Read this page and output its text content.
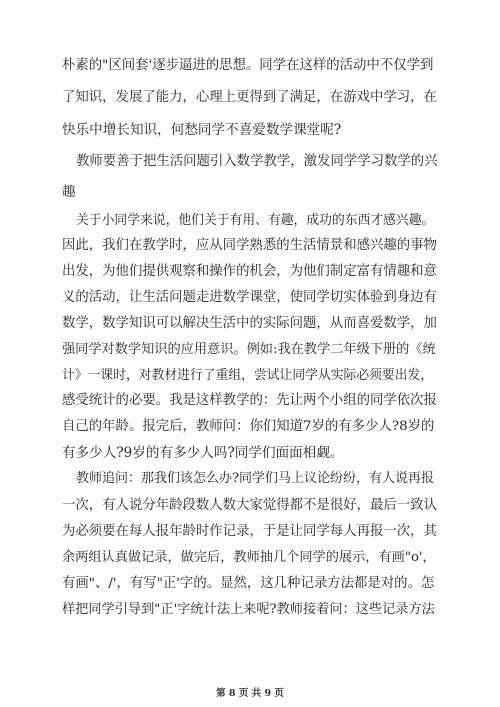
朴素的"区间套'逐步逼进的思想。同学在这样的活动中不仅学到
了知识，发展了能力，心理上更得到了满足，在游戏中学习，在
快乐中增长知识，何愁同学不喜爱数学课堂呢?
教师要善于把生活问题引入数学教学，激发同学学习数学的兴
趣
关于小同学来说，他们关于有用、有趣，成功的东西才感兴趣。
因此，我们在教学时，应从同学熟悉的生活情景和感兴趣的事物
出发，为他们提供观察和操作的机会，为他们制定富有情趣和意
义的活动，让生活问题走进数学课堂，使同学切实体验到身边有
数学，数学知识可以解决生活中的实际问题，从而喜爱数学，加
强同学对数学知识的应用意识。例如:我在教学二年级下册的《统
计》一课时，对教材进行了重组，尝试让同学从实际必须要出发，
感受统计的必要。我是这样教学的：先让两个小组的同学依次报
自己的年龄。报完后，教师问：你们知道7岁的有多少人?8岁的
有多少人?9岁的有多少人吗?同学们面面相觑。
教师追问：那我们该怎么办?同学们马上议论纷纷，有人说再报
一次，有人说分年龄段数人数大家觉得都不是很好，最后一致认
为必须要在每人报年龄时作记录，于是让同学每人再报一次，其
余两组认真做记录，做完后，教师抽几个同学的展示，有画"o'，
有画"、/'，有写"正'字的。显然，这几种记录方法都是对的。怎
样把同学引导到"正'字统计法上来呢?教师接着问：这些记录方法
第 8 页 共 9 页
